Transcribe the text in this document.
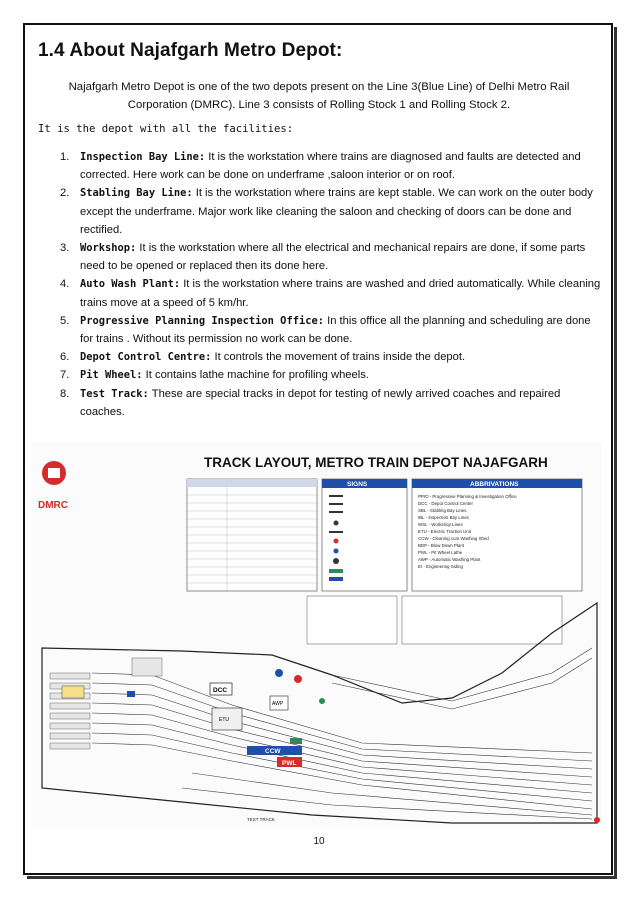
1.4 About Najafgarh Metro Depot:
Najafgarh Metro Depot is one of the two depots present on the Line 3(Blue Line) of Delhi Metro Rail Corporation (DMRC). Line 3 consists of Rolling Stock 1 and Rolling Stock 2.
It is the depot with all the facilities:
1. Inspection Bay Line: It is the workstation where trains are diagnosed and faults are detected and corrected. Here work can be done on underframe ,saloon interior or on roof.
2. Stabling Bay Line: It is the workstation where trains are kept stable. We can work on the outer body except the underframe. Major work like cleaning the saloon and checking of doors can be done and rectified.
3. Workshop: It is the workstation where all the electrical and mechanical repairs are done, if some parts need to be opened or replaced then its done here.
4. Auto Wash Plant: It is the workstation where trains are washed and dried automatically. While cleaning trains move at a speed of 5 km/hr.
5. Progressive Planning Inspection Office: In this office all the planning and scheduling are done for trains . Without its permission no work can be done.
6. Depot Control Centre: It controls the movement of trains inside the depot.
7. Pit Wheel: It contains lathe machine for profiling wheels.
8. Test Track: These are special tracks in depot for testing of newly arrived coaches and repaired coaches.
DMRC
TRACK LAYOUT, METRO TRAIN DEPOT NAJAFGARH
SIGNS	ABBRIVATIONS
PPIO - Progressive Planning & Investigation Office
DCC - Depot Control Center
SBL - Stabling Bay Lines
IBL - Inspection Bay Lines
WSL - Workshop Lines
ETU - Electric Traction Unit
CCW - Cleaning cum Washing Shed
BDP - Blow Down Plant
PWL - Pit Wheel Lathe
AWP - Automatic Washing Plant
EI - Engineering Siding
DCC
ETU
AWP
CCW
PWL
TEST TRACK
10
